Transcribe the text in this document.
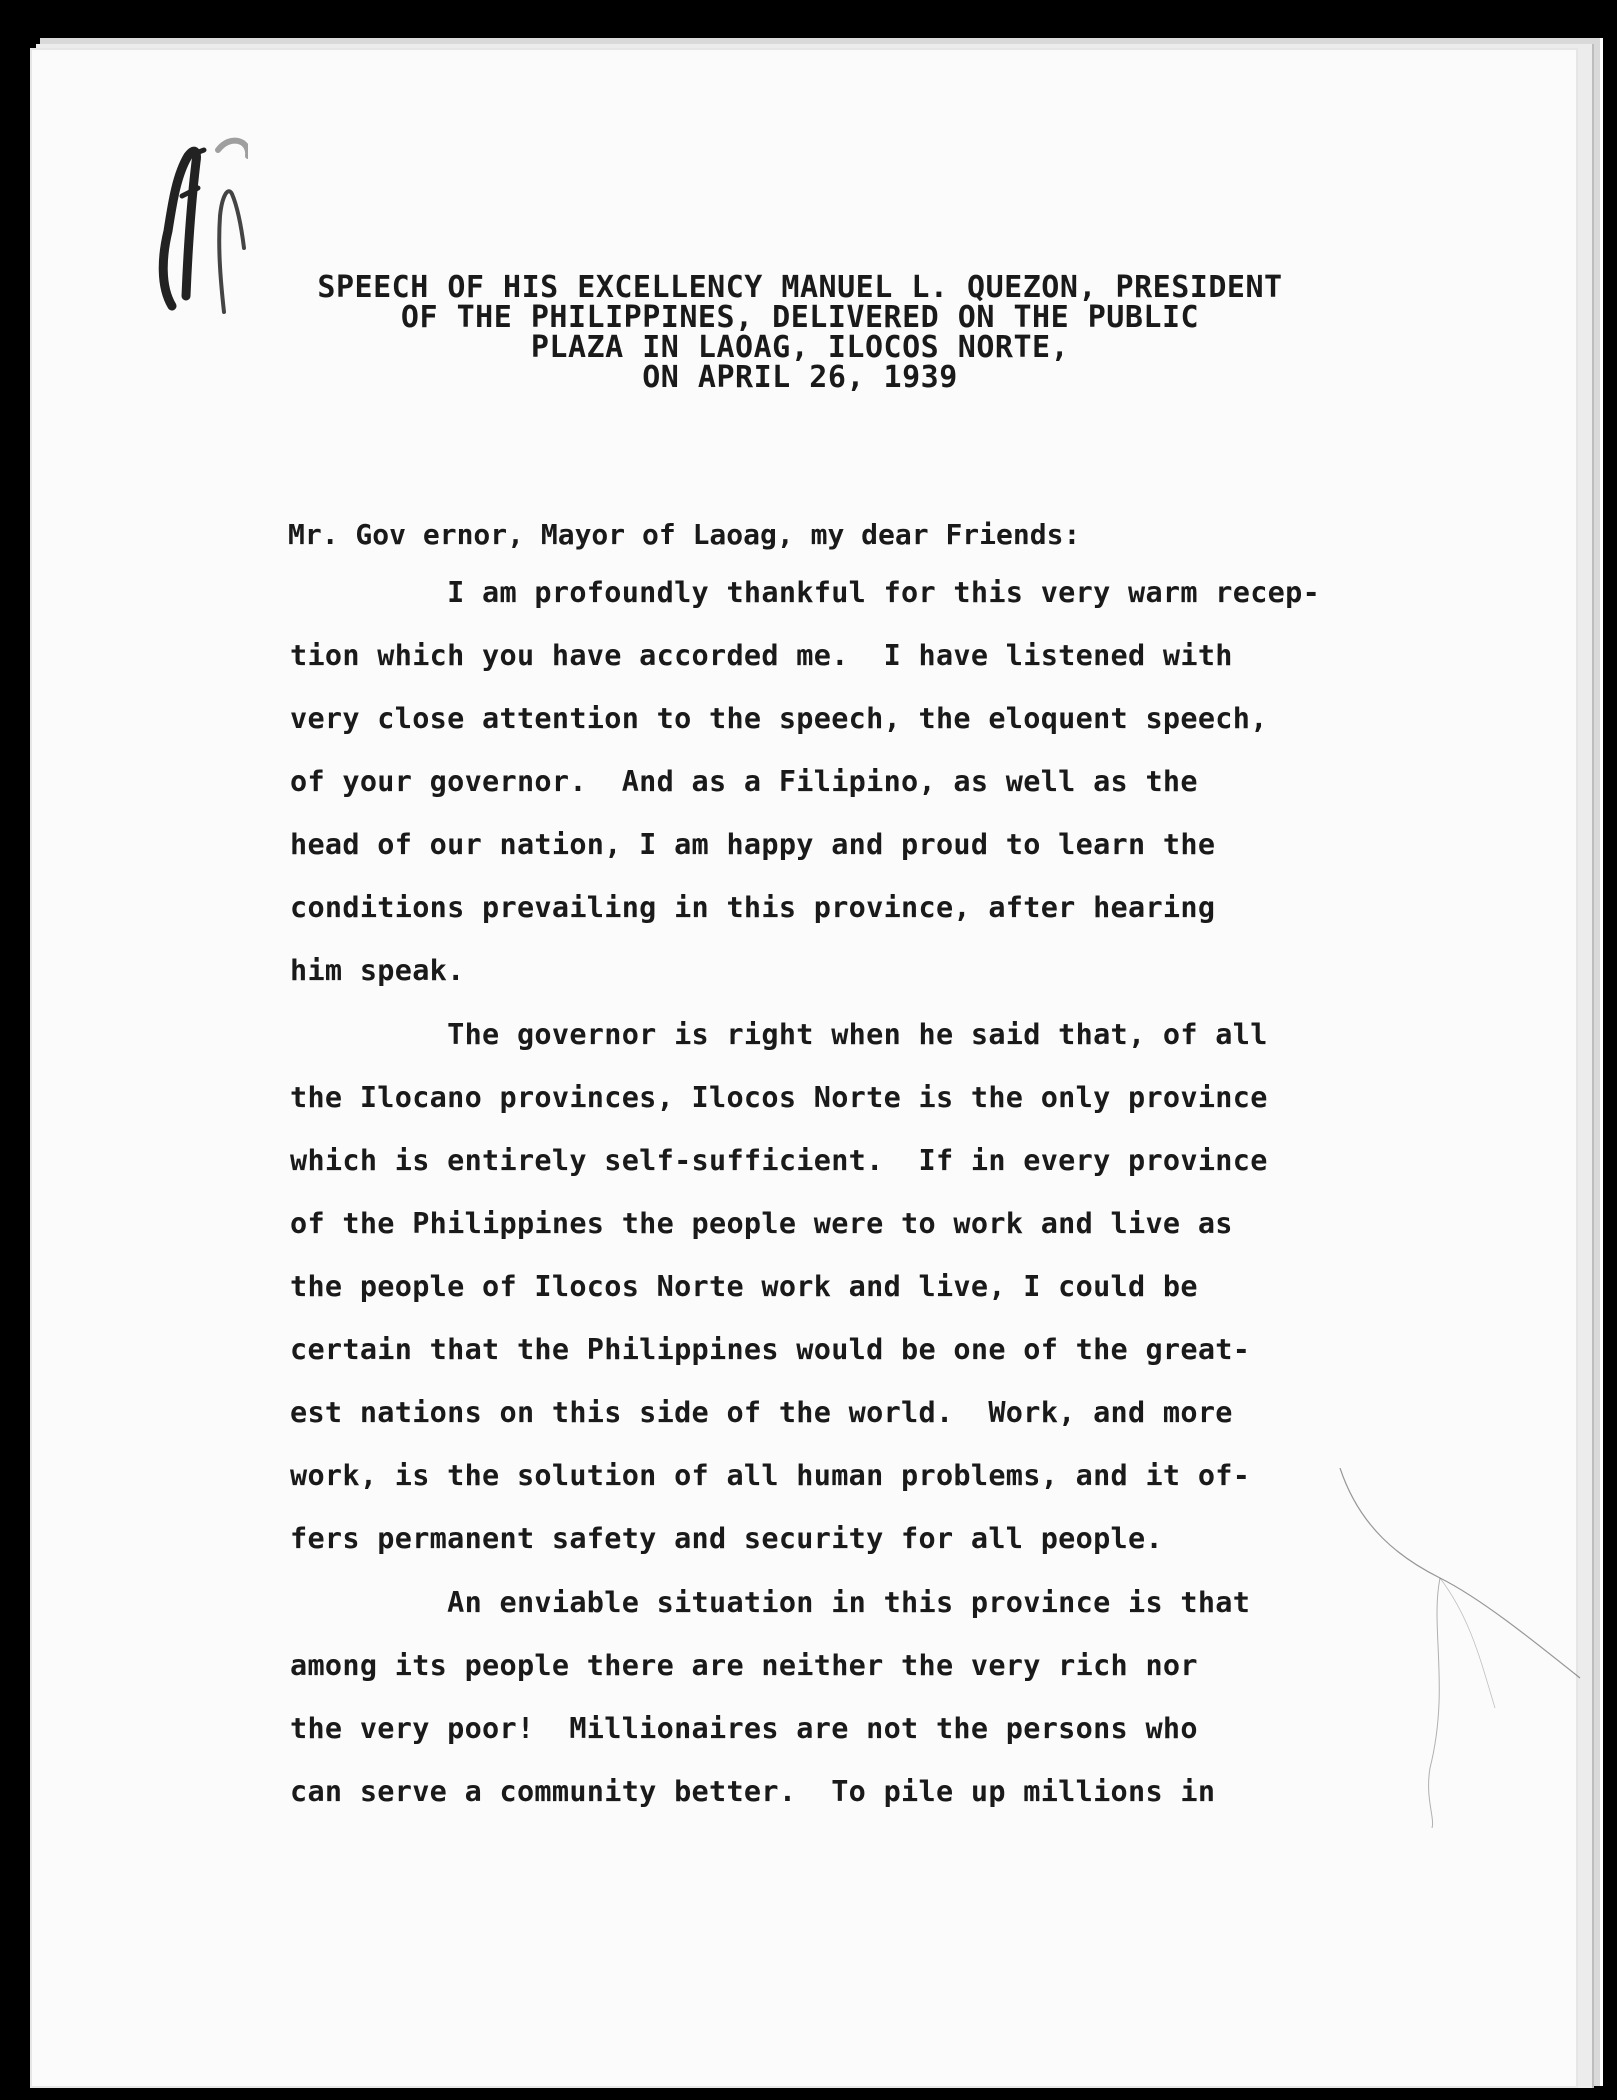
SPEECH OF HIS EXCELLENCY MANUEL L. QUEZON, PRESIDENT
OF THE PHILIPPINES, DELIVERED ON THE PUBLIC
PLAZA IN LAOAG, ILOCOS NORTE,
ON APRIL 26, 1939
Mr. Gov ernor, Mayor of Laoag, my dear Friends:
I am profoundly thankful for this very warm recep-
tion which you have accorded me.  I have listened with
very close attention to the speech, the eloquent speech,
of your governor.  And as a Filipino, as well as the
head of our nation, I am happy and proud to learn the
conditions prevailing in this province, after hearing
him speak.
The governor is right when he said that, of all
the Ilocano provinces, Ilocos Norte is the only province
which is entirely self-sufficient.  If in every province
of the Philippines the people were to work and live as
the people of Ilocos Norte work and live, I could be
certain that the Philippines would be one of the great-
est nations on this side of the world.  Work, and more
work, is the solution of all human problems, and it of-
fers permanent safety and security for all people.
An enviable situation in this province is that
among its people there are neither the very rich nor
the very poor!  Millionaires are not the persons who
can serve a community better.  To pile up millions in
